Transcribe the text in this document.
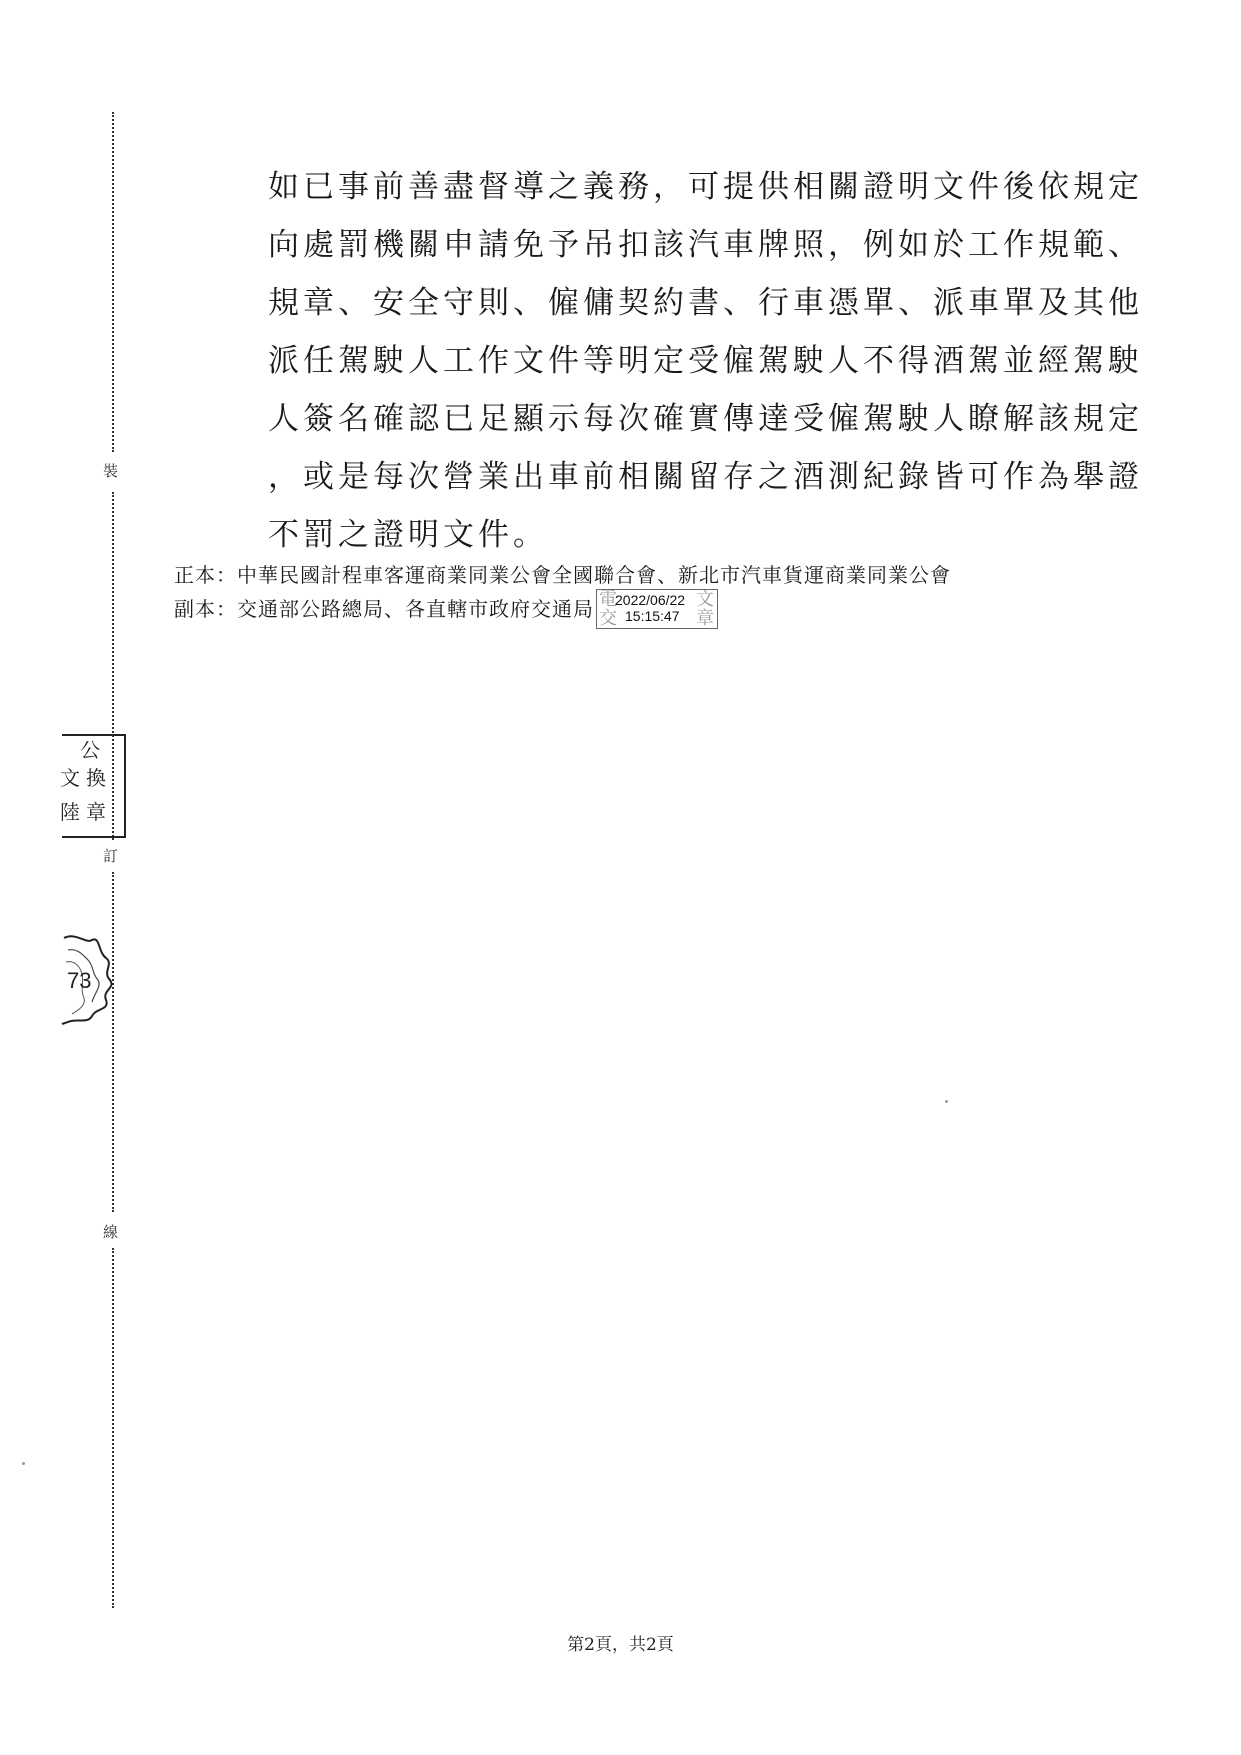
裝
訂
線
公
文 換
陸 章
73
如已事前善盡督導之義務，可提供相關證明文件後依規定
向處罰機關申請免予吊扣該汽車牌照，例如於工作規範、
規章、安全守則、僱傭契約書、行車憑單、派車單及其他
派任駕駛人工作文件等明定受僱駕駛人不得酒駕並經駕駛
人簽名確認已足顯示每次確實傳達受僱駕駛人瞭解該規定
，或是每次營業出車前相關留存之酒測紀錄皆可作為舉證
不罰之證明文件。
正本：中華民國計程車客運商業同業公會全國聯合會、新北市汽車貨運商業同業公會
副本：交通部公路總局、各直轄市政府交通局 電
交
文
章
2022/06/22
15:15:47
第2頁，共2頁
